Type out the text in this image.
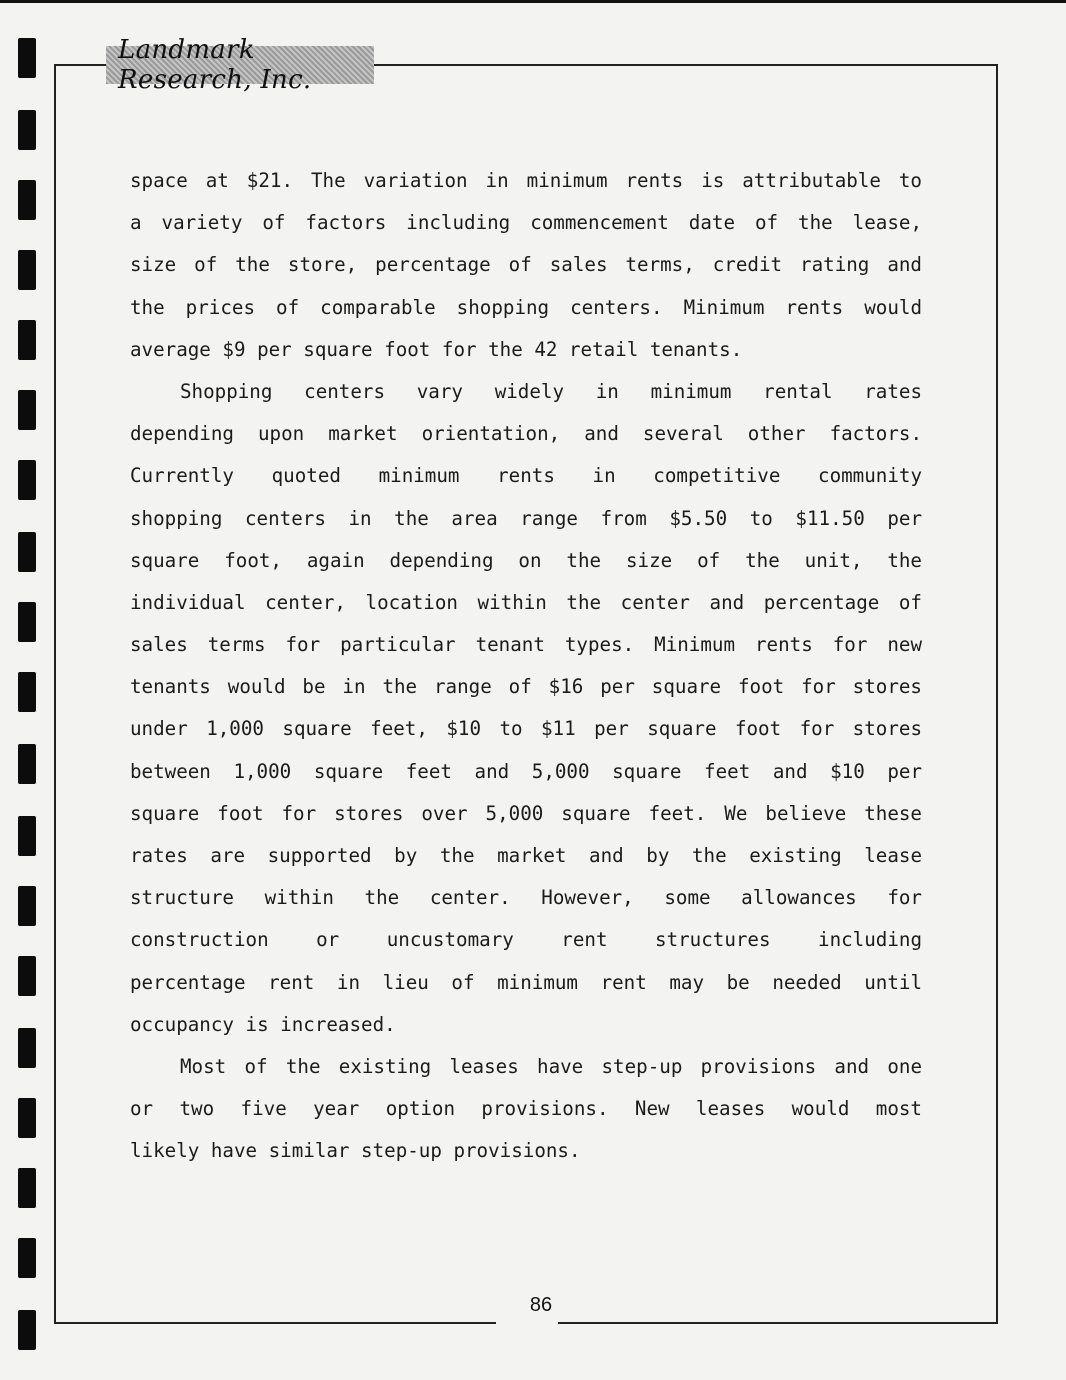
Landmark Research, Inc.
space at $21. The variation in minimum rents is attributable to
a variety of factors including commencement date of the lease,
size of the store, percentage of sales terms, credit rating and
the prices of comparable shopping centers. Minimum rents would
average $9 per square foot for the 42 retail tenants.
Shopping centers vary widely in minimum rental rates
depending upon market orientation, and several other factors.
Currently quoted minimum rents in competitive community
shopping centers in the area range from $5.50 to $11.50 per
square foot, again depending on the size of the unit, the
individual center, location within the center and percentage of
sales terms for particular tenant types. Minimum rents for new
tenants would be in the range of $16 per square foot for stores
under 1,000 square feet, $10 to $11 per square foot for stores
between 1,000 square feet and 5,000 square feet and $10 per
square foot for stores over 5,000 square feet. We believe these
rates are supported by the market and by the existing lease
structure within the center. However, some allowances for
construction or uncustomary rent structures including
percentage rent in lieu of minimum rent may be needed until
occupancy is increased.
Most of the existing leases have step-up provisions and one
or two five year option provisions. New leases would most
likely have similar step-up provisions.
86
